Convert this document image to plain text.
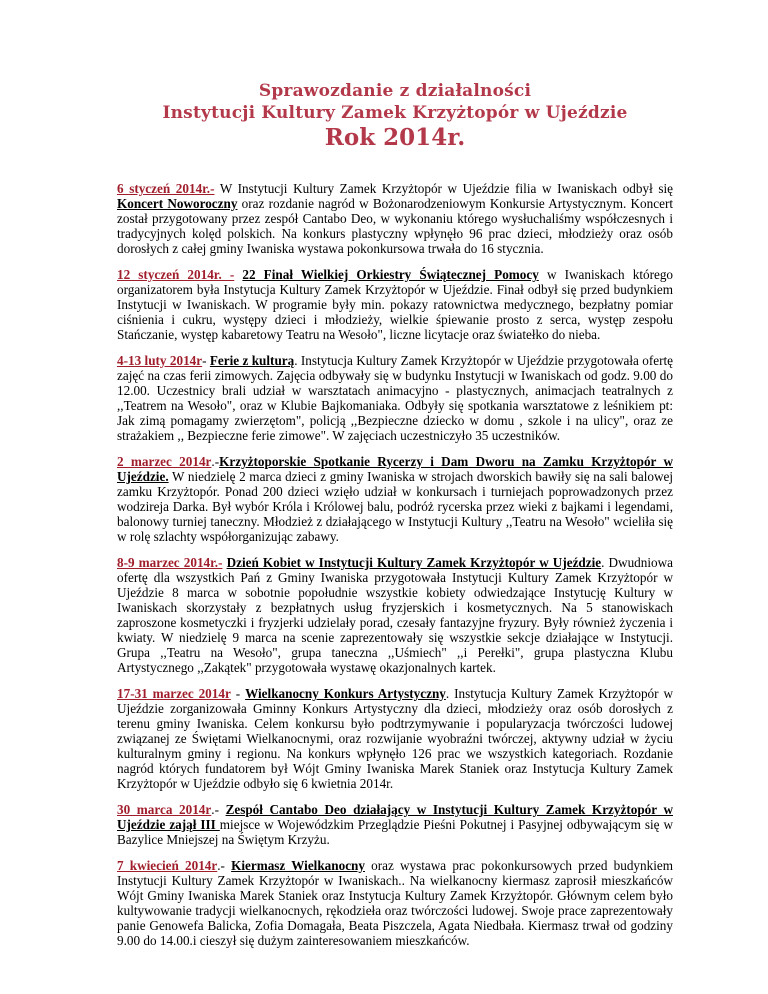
Sprawozdanie z działalności
Instytucji Kultury Zamek Krzyżtopór w Ujeździe
Rok 2014r.

6 styczeń 2014r.- W Instytucji Kultury Zamek Krzyżtopór w Ujeździe filia w Iwaniskach odbył się Koncert Noworoczny oraz rozdanie nagród w Bożonarodzeniowym Konkursie Artystycznym. Koncert został przygotowany przez zespół Cantabo Deo, w wykonaniu którego wysłuchaliśmy współczesnych i tradycyjnych kolęd polskich. Na konkurs plastyczny wpłynęło 96 prac dzieci, młodzieży oraz osób dorosłych z całej gminy Iwaniska wystawa pokonkursowa trwała do 16 stycznia.

12 styczeń 2014r. - 22 Finał Wielkiej Orkiestry Świątecznej Pomocy w Iwaniskach którego organizatorem była Instytucja Kultury Zamek Krzyżtopór w Ujeździe. Finał odbył się przed budynkiem Instytucji w Iwaniskach. W programie były min. pokazy ratownictwa medycznego, bezpłatny pomiar ciśnienia i cukru, występy dzieci i młodzieży, wielkie śpiewanie prosto z serca, występ zespołu Stańczanie, występ kabaretowy Teatru na Wesoło", liczne licytacje oraz światełko do nieba.

4-13 luty 2014r- Ferie z kulturą. Instytucja Kultury Zamek Krzyżtopór w Ujeździe przygotowała ofertę zajęć na czas ferii zimowych. Zajęcia odbywały się w budynku Instytucji w Iwaniskach od godz. 9.00 do 12.00. Uczestnicy brali udział w warsztatach animacyjno - plastycznych, animacjach teatralnych z ,,Teatrem na Wesoło", oraz w Klubie Bajkomaniaka. Odbyły się spotkania warsztatowe z leśnikiem pt: Jak zimą pomagamy zwierzętom", policją ,,Bezpieczne dziecko w domu , szkole i na ulicy", oraz ze strażakiem ,, Bezpieczne ferie zimowe". W zajęciach uczestniczyło 35 uczestników.

2 marzec 2014r.-Krzyżtoporskie Spotkanie Rycerzy i Dam Dworu na Zamku Krzyżtopór w Ujeździe. W niedzielę 2 marca dzieci z gminy Iwaniska w strojach dworskich bawiły się na sali balowej zamku Krzyżtopór. Ponad 200 dzieci wzięło udział w konkursach i turniejach poprowadzonych przez wodzireja Darka. Był wybór Króla i Królowej balu, podróż rycerska przez wieki z bajkami i legendami, balonowy turniej taneczny. Młodzież z działającego w Instytucji Kultury ,,Teatru na Wesoło" wcieliła się w rolę szlachty współorganizując zabawy.

8-9 marzec 2014r.- Dzień Kobiet w Instytucji Kultury Zamek Krzyżtopór w Ujeździe. Dwudniowa ofertę dla wszystkich Pań z Gminy Iwaniska przygotowała Instytucji Kultury Zamek Krzyżtopór w Ujeździe 8 marca w sobotnie popołudnie wszystkie kobiety odwiedzające Instytucję Kultury w Iwaniskach skorzystały z bezpłatnych usług fryzjerskich i kosmetycznych. Na 5 stanowiskach zaproszone kosmetyczki i fryzjerki udzielały porad, czesały fantazyjne fryzury. Były również życzenia i kwiaty. W niedzielę 9 marca na scenie zaprezentowały się wszystkie sekcje działające w Instytucji. Grupa ,,Teatru na Wesoło", grupa taneczna ,,Uśmiech" ,,i Perełki", grupa plastyczna Klubu Artystycznego ,,Zakątek" przygotowała wystawę okazjonalnych kartek.

17-31 marzec 2014r - Wielkanocny Konkurs Artystyczny. Instytucja Kultury Zamek Krzyżtopór w Ujeździe zorganizowała Gminny Konkurs Artystyczny dla dzieci, młodzieży oraz osób dorosłych z terenu gminy Iwaniska. Celem konkursu było podtrzymywanie i popularyzacja twórczości ludowej związanej ze Świętami Wielkanocnymi, oraz rozwijanie wyobraźni twórczej, aktywny udział w życiu kulturalnym gminy i regionu. Na konkurs wpłynęło 126 prac we wszystkich kategoriach. Rozdanie nagród których fundatorem był Wójt Gminy Iwaniska Marek Staniek oraz Instytucja Kultury Zamek Krzyżtopór w Ujeździe odbyło się 6 kwietnia 2014r.

30 marca 2014r.- Zespół Cantabo Deo działający w Instytucji Kultury Zamek Krzyżtopór w Ujeździe zajął III miejsce w Wojewódzkim Przeglądzie Pieśni Pokutnej i Pasyjnej odbywającym się w Bazylice Mniejszej na Świętym Krzyżu.

7 kwiecień 2014r.- Kiermasz Wielkanocny oraz wystawa prac pokonkursowych przed budynkiem Instytucji Kultury Zamek Krzyżtopór w Iwaniskach.. Na wielkanocny kiermasz zaprosił mieszkańców Wójt Gminy Iwaniska Marek Staniek oraz Instytucja Kultury Zamek Krzyżtopór. Głównym celem było kultywowanie tradycji wielkanocnych, rękodzieła oraz twórczości ludowej. Swoje prace zaprezentowały panie Genowefa Balicka, Zofia Domagała, Beata Piszczela, Agata Niedbała. Kiermasz trwał od godziny 9.00 do 14.00.i cieszył się dużym zainteresowaniem mieszkańców.
